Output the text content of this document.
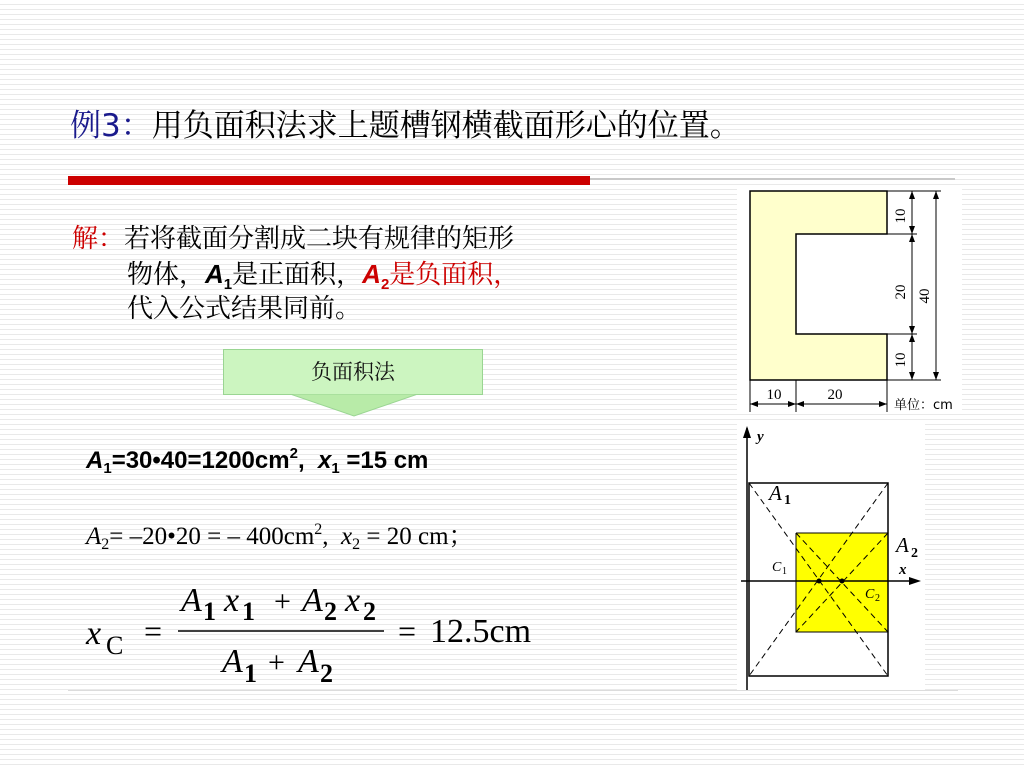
例3：用负面积法求上题槽钢横截面形心的位置。
解：若将截面分割成二块有规律的矩形
物体，$A_1$是正面积，$A_2$是负面积，
代入公式结果同前。
负面积法
$A_1=30•40=1200cm^2$, $x_1 =15$ cm
$A_2=$ –20•20 = – $400cm^2$, $x_2 = 20$ cm；
x C =
A 1 x 1 + A 2 x 2
A 1 + A 2
= 12.5cm
10
20
10
40
10	20
单位：cm
y
x
A 1
A 2
C 1
C 2
